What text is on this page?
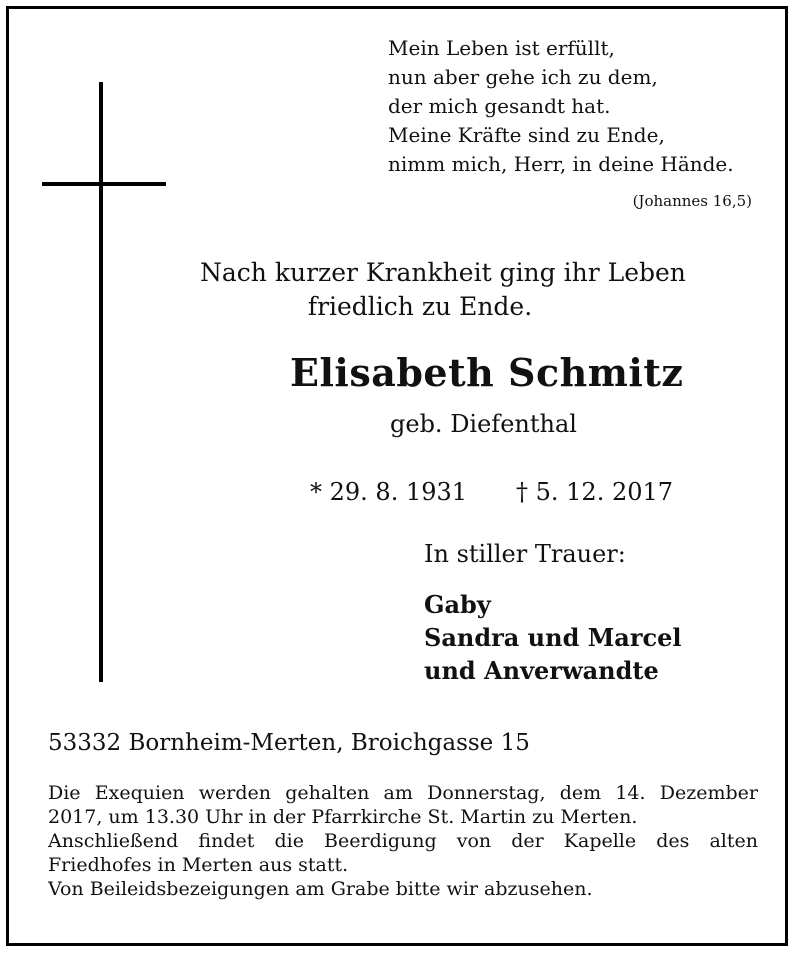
Mein Leben ist erfüllt,
nun aber gehe ich zu dem,
der mich gesandt hat.
Meine Kräfte sind zu Ende,
nimm mich, Herr, in deine Hände.
(Johannes 16,5)
Nach kurzer Krankheit ging ihr Leben
friedlich zu Ende.
Elisabeth Schmitz
geb. Diefenthal
* 29. 8. 1931 † 5. 12. 2017
In stiller Trauer:
Gaby
Sandra und Marcel
und Anverwandte
53332 Bornheim-Merten, Broichgasse 15
Die Exequien werden gehalten am Donnerstag, dem 14. Dezember
2017, um 13.30 Uhr in der Pfarrkirche St. Martin zu Merten.
Anschließend findet die Beerdigung von der Kapelle des alten
Friedhofes in Merten aus statt.
Von Beileidsbezeigungen am Grabe bitte wir abzusehen.
